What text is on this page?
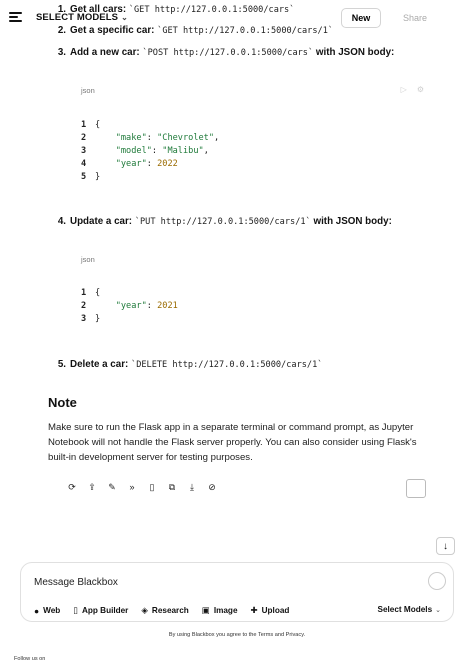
SELECT MODELS ⌄	New	Share
1. Get all cars: `GET http://127.0.0.1:5000/cars`
2. Get a specific car: `GET http://127.0.0.1:5000/cars/1`
3. Add a new car: `POST http://127.0.0.1:5000/cars` with JSON body:
json	▷ ⚙
1 {
2	"make": "Chevrolet",
3	"model": "Malibu",
4	"year": 2022
5 }
4. Update a car: `PUT http://127.0.0.1:5000/cars/1` with JSON body:
json
1 {
2	"year": 2021
3 }
5. Delete a car: `DELETE http://127.0.0.1:5000/cars/1`
Note
Make sure to run the Flask app in a separate terminal or command prompt, as Jupyter Notebook will not handle the Flask server properly. You can also consider using Flask's built-in development server for testing purposes.
⟳	⇪	✎	»	▯	⧉	⤓	⊘
↓
Message Blackbox
● Web ▯ App Builder ◈ Research ▣ Image ✚ Upload	Select Models ⌄
By using Blackbox you agree to the Terms and Privacy.
Follow us on
